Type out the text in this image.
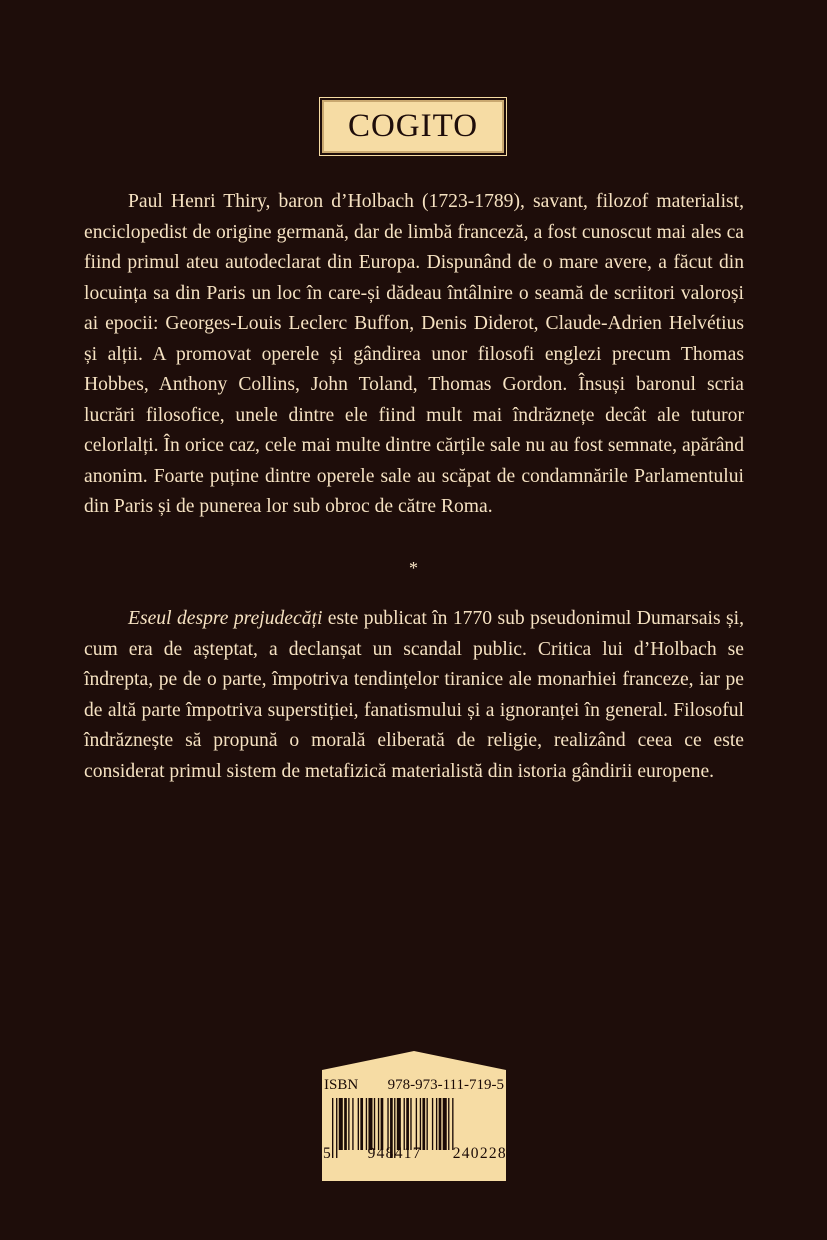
COGITO

Paul Henri Thiry, baron d’Holbach (1723-1789), savant, filozof materialist, enciclopedist de origine germană, dar de limbă franceză, a fost cunoscut mai ales ca fiind primul ateu autodeclarat din Europa. Dispunând de o mare avere, a făcut din locuința sa din Paris un loc în care-și dădeau întâlnire o seamă de scriitori valoroși ai epocii: Georges-Louis Leclerc Buffon, Denis Diderot, Claude-Adrien Helvétius și alții. A promovat operele și gândirea unor filosofi englezi precum Thomas Hobbes, Anthony Collins, John Toland, Thomas Gordon. Însuși baronul scria lucrări filosofice, unele dintre ele fiind mult mai îndrăznețe decât ale tuturor celorlalți. În orice caz, cele mai multe dintre cărțile sale nu au fost semnate, apărând anonim. Foarte puține dintre operele sale au scăpat de condamnările Parlamentului din Paris și de punerea lor sub obroc de către Roma.

*

Eseul despre prejudecăți este publicat în 1770 sub pseudonimul Dumarsais și, cum era de așteptat, a declanșat un scandal public. Critica lui d’Holbach se îndrepta, pe de o parte, împotriva tendințelor tiranice ale monarhiei franceze, iar pe de altă parte împotriva superstiției, fanatismului și a ignoranței în general. Filosoful îndrăznește să propună o morală eliberată de religie, realizând ceea ce este considerat primul sistem de metafizică materialistă din istoria gândirii europene.

ISBN 978-973-111-719-5
5 948417 240228
